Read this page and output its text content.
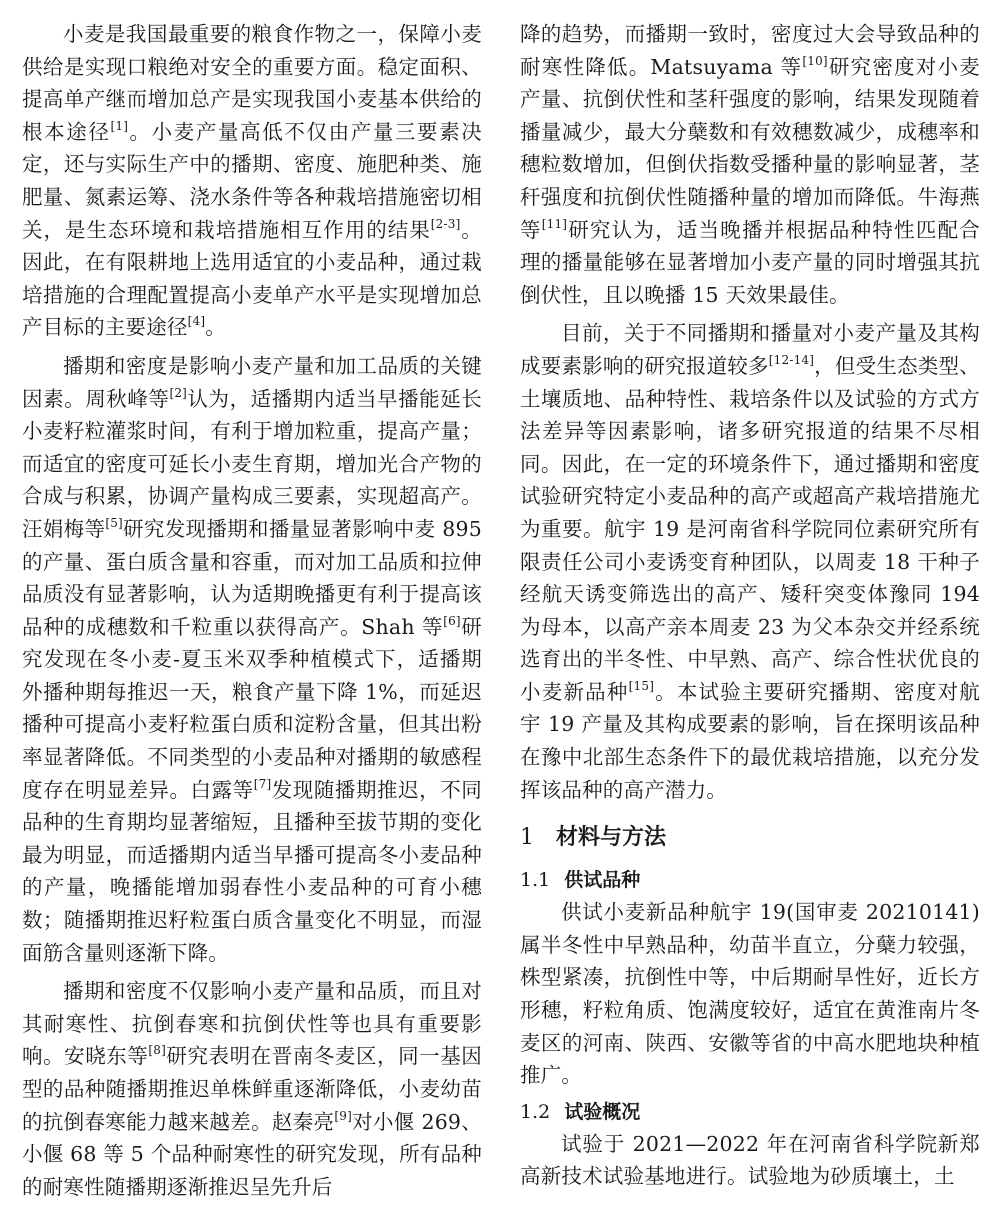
小麦是我国最重要的粮食作物之一，保障小麦供给是实现口粮绝对安全的重要方面。稳定面积、提高单产继而增加总产是实现我国小麦基本供给的根本途径[1]。小麦产量高低不仅由产量三要素决定，还与实际生产中的播期、密度、施肥种类、施肥量、氮素运筹、浇水条件等各种栽培措施密切相关，是生态环境和栽培措施相互作用的结果[2-3]。因此，在有限耕地上选用适宜的小麦品种，通过栽培措施的合理配置提高小麦单产水平是实现增加总产目标的主要途径[4]。

播期和密度是影响小麦产量和加工品质的关键因素。周秋峰等[2]认为，适播期内适当早播能延长小麦籽粒灌浆时间，有利于增加粒重，提高产量；而适宜的密度可延长小麦生育期，增加光合产物的合成与积累，协调产量构成三要素，实现超高产。汪娟梅等[5]研究发现播期和播量显著影响中麦 895 的产量、蛋白质含量和容重，而对加工品质和拉伸品质没有显著影响，认为适期晚播更有利于提高该品种的成穗数和千粒重以获得高产。Shah 等[6]研究发现在冬小麦-夏玉米双季种植模式下，适播期外播种期每推迟一天，粮食产量下降 1%，而延迟播种可提高小麦籽粒蛋白质和淀粉含量，但其出粉率显著降低。不同类型的小麦品种对播期的敏感程度存在明显差异。白露等[7]发现随播期推迟，不同品种的生育期均显著缩短，且播种至拔节期的变化最为明显，而适播期内适当早播可提高冬小麦品种的产量，晚播能增加弱春性小麦品种的可育小穗数；随播期推迟籽粒蛋白质含量变化不明显，而湿面筋含量则逐渐下降。

播期和密度不仅影响小麦产量和品质，而且对其耐寒性、抗倒春寒和抗倒伏性等也具有重要影响。安晓东等[8]研究表明在晋南冬麦区，同一基因型的品种随播期推迟单株鲜重逐渐降低，小麦幼苗的抗倒春寒能力越来越差。赵秦亮[9]对小偃 269、小偃 68 等 5 个品种耐寒性的研究发现，所有品种的耐寒性随播期逐渐推迟呈先升后

降的趋势，而播期一致时，密度过大会导致品种的耐寒性降低。Matsuyama 等[10]研究密度对小麦产量、抗倒伏性和茎秆强度的影响，结果发现随着播量减少，最大分蘖数和有效穗数减少，成穗率和穗粒数增加，但倒伏指数受播种量的影响显著，茎秆强度和抗倒伏性随播种量的增加而降低。牛海燕等[11]研究认为，适当晚播并根据品种特性匹配合理的播量能够在显著增加小麦产量的同时增强其抗倒伏性，且以晚播 15 天效果最佳。

目前，关于不同播期和播量对小麦产量及其构成要素影响的研究报道较多[12-14]，但受生态类型、土壤质地、品种特性、栽培条件以及试验的方式方法差异等因素影响，诸多研究报道的结果不尽相同。因此，在一定的环境条件下，通过播期和密度试验研究特定小麦品种的高产或超高产栽培措施尤为重要。航宇 19 是河南省科学院同位素研究所有限责任公司小麦诱变育种团队，以周麦 18 干种子经航天诱变筛选出的高产、矮秆突变体豫同 194 为母本，以高产亲本周麦 23 为父本杂交并经系统选育出的半冬性、中早熟、高产、综合性状优良的小麦新品种[15]。本试验主要研究播期、密度对航宇 19 产量及其构成要素的影响，旨在探明该品种在豫中北部生态条件下的最优栽培措施，以充分发挥该品种的高产潜力。

1 材料与方法
1.1 供试品种

供试小麦新品种航宇 19(国审麦 20210141)属半冬性中早熟品种，幼苗半直立，分蘖力较强，株型紧凑，抗倒性中等，中后期耐旱性好，近长方形穗，籽粒角质、饱满度较好，适宜在黄淮南片冬麦区的河南、陕西、安徽等省的中高水肥地块种植推广。

1.2 试验概况

试验于 2021—2022 年在河南省科学院新郑高新技术试验基地进行。试验地为砂质壤土，土
